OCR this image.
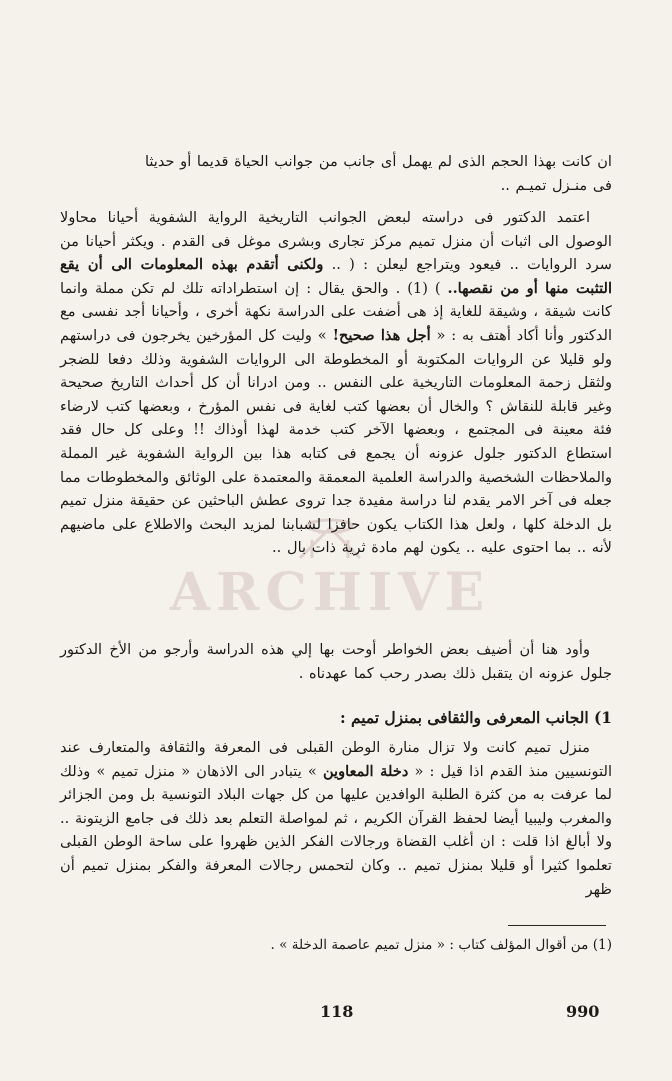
ARCHIVE

ان كانت بهذا الحجم الذى لم يهمل أى جانب من جوانب الحياة قديما أو حديثا

فى منـزل تميـم ..

اعتمد الدكتور فى دراسته لبعض الجوانب التاريخية الرواية الشفوية أحيانا محاولا الوصول الى اثبات أن منزل تميم مركز تجارى وبشرى موغل فى القدم . ويكثر أحيانا من سرد الروايات .. فيعود ويتراجع ليعلن : ( .. ولكنى أتقدم بهذه المعلومات الى أن يقع التثبت منها أو من نقصها.. ) (1) . والحق يقال : إن استطراداته تلك لم تكن مملة وانما كانت شيقة ، وشيقة للغاية إذ هى أضفت على الدراسة نكهة أخرى ، وأحيانا أجد نفسى مع الدكتور وأنا أكاد أهتف به : « أجل هذا صحيح! » وليت كل المؤرخين يخرجون فى دراستهم ولو قليلا عن الروايات المكتوبة أو المخطوطة الى الروايات الشفوية وذلك دفعا للضجر ولثقل زحمة المعلومات التاريخية على النفس .. ومن ادرانا أن كل أحداث التاريخ صحيحة وغير قابلة للنقاش ؟ والخال أن بعضها كتب لغاية فى نفس المؤرخ ، وبعضها كتب لارضاء فئة معينة فى المجتمع ، وبعضها الآخر كتب خدمة لهذا أوذاك !! وعلى كل حال فقد استطاع الدكتور جلول عزونه أن يجمع فى كتابه هذا بين الرواية الشفوية غير المملة والملاحظات الشخصية والدراسة العلمية المعمقة والمعتمدة على الوثائق والمخطوطات مما جعله فى آخر الامر يقدم لنا دراسة مفيدة جدا تروى عطش الباحثين عن حقيقة منزل تميم بل الدخلة كلها ، ولعل هذا الكتاب يكون حافزا لشبابنا لمزيد البحث والاطلاع على ماضيهم لأنه .. بما احتوى عليه .. يكون لهم مادة ثرية ذات بال ..

وأود هنا أن أضيف بعض الخواطر أوحت بها إلي هذه الدراسة وأرجو من الأخ الدكتور جلول عزونه ان يتقبل ذلك بصدر رحب كما عهدناه .

1) الجانب المعرفى والثقافى بمنزل تميم :

منزل تميم كانت ولا تزال منارة الوطن القبلى فى المعرفة والثقافة والمتعارف عند التونسيين منذ القدم اذا قيل : « دخلة المعاوين » يتبادر الى الاذهان « منزل تميم » وذلك لما عرفت به من كثرة الطلبة الوافدين عليها من كل جهات البلاد التونسية بل ومن الجزائر والمغرب وليبيا أيضا لحفظ القرآن الكريم ، ثم لمواصلة التعلم بعد ذلك فى جامع الزيتونة .. ولا أبالغ اذا قلت : ان أغلب القضاة ورجالات الفكر الذين ظهروا على ساحة الوطن القبلى تعلموا كثيرا أو قليلا بمنزل تميم .. وكان لتحمس رجالات المعرفة والفكر بمنزل تميم أن ظهر

(1) من أقوال المؤلف كتاب : « منزل تميم عاصمة الدخلة » .
118	990
